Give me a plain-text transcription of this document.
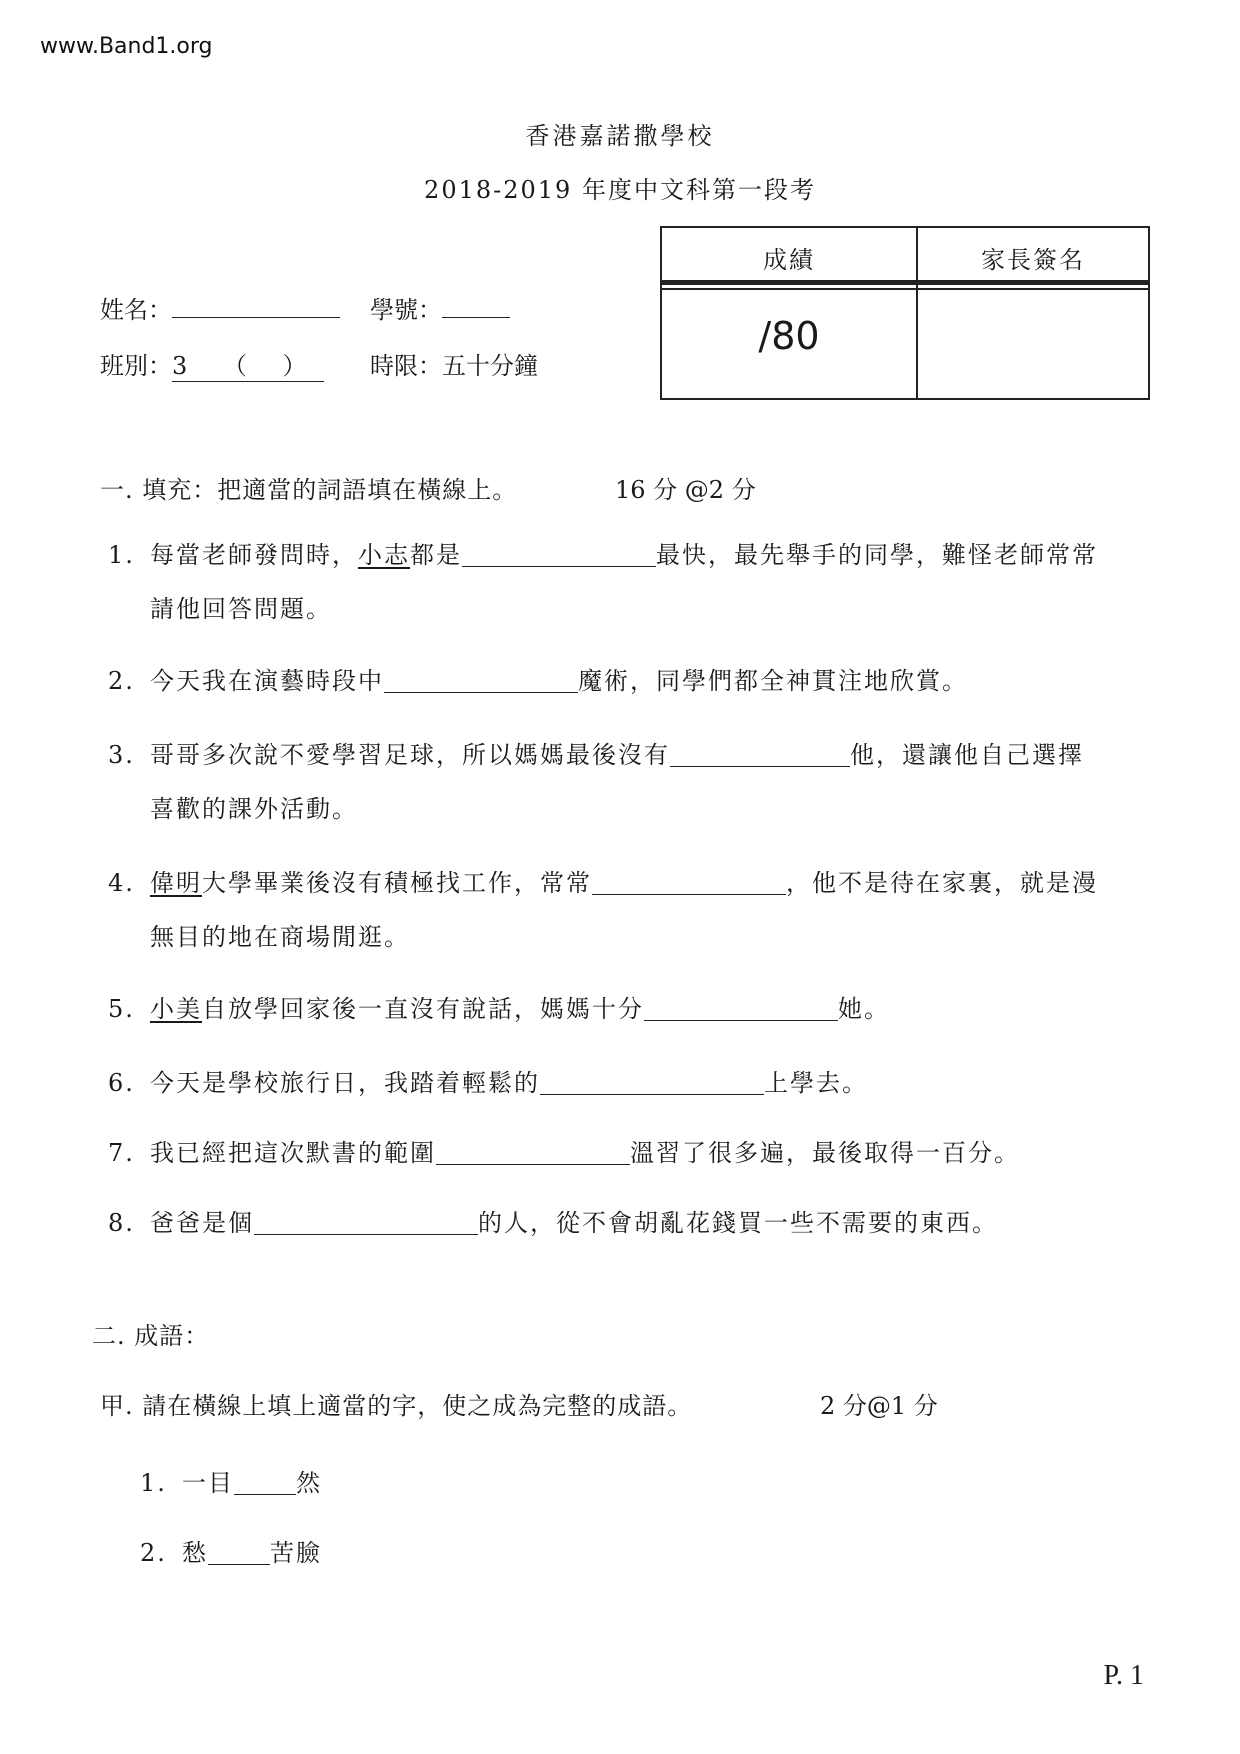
www.Band1.org
香港嘉諾撒學校
2018-2019 年度中文科第一段考
成績	家長簽名
/80
姓名：	學號：
班別：3 （ ） 時限：五十分鐘
一. 填充：把適當的詞語填在橫線上。	16 分 @2 分
1. 每當老師發問時，小志都是	最快，最先舉手的同學，難怪老師常常
請他回答問題。
2. 今天我在演藝時段中	魔術，同學們都全神貫注地欣賞。
3. 哥哥多次說不愛學習足球，所以媽媽最後沒有	他，還讓他自己選擇
喜歡的課外活動。
4. 偉明大學畢業後沒有積極找工作，常常	，他不是待在家裏，就是漫
無目的地在商場閒逛。
5. 小美自放學回家後一直沒有說話，媽媽十分	她。
6. 今天是學校旅行日，我踏着輕鬆的	上學去。
7. 我已經把這次默書的範圍	溫習了很多遍，最後取得一百分。
8. 爸爸是個	的人，從不會胡亂花錢買一些不需要的東西。
二. 成語：
甲. 請在橫線上填上適當的字，使之成為完整的成語。	2 分@1 分
1. 一目	然
2. 愁	苦臉
P. 1
